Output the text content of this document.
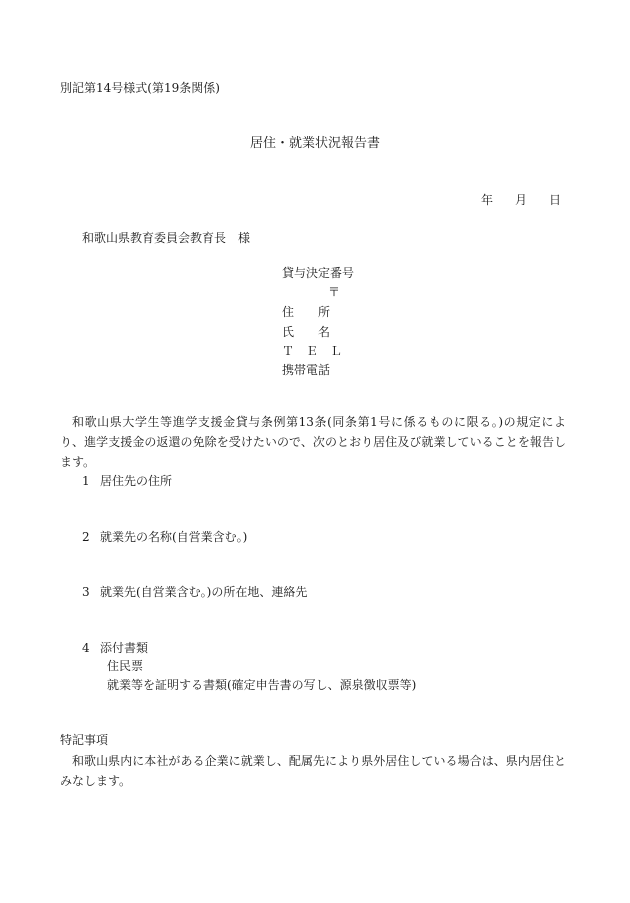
別記第14号様式(第19条関係)
居住・就業状況報告書
年 月 日
和歌山県教育委員会教育長　様
貸与決定番号
〒
住　　所
氏　　名
Ｔ　Ｅ　Ｌ
携帯電話
和歌山県大学生等進学支援金貸与条例第13条(同条第1号に係るものに限る。)の規定により、進学支援金の返還の免除を受けたいので、次のとおり居住及び就業していることを報告します。
1 居住先の住所
2 就業先の名称(自営業含む。)
3 就業先(自営業含む。)の所在地、連絡先
4 添付書類
住民票
就業等を証明する書類(確定申告書の写し、源泉徴収票等)
特記事項
和歌山県内に本社がある企業に就業し、配属先により県外居住している場合は、県内居住とみなします。
